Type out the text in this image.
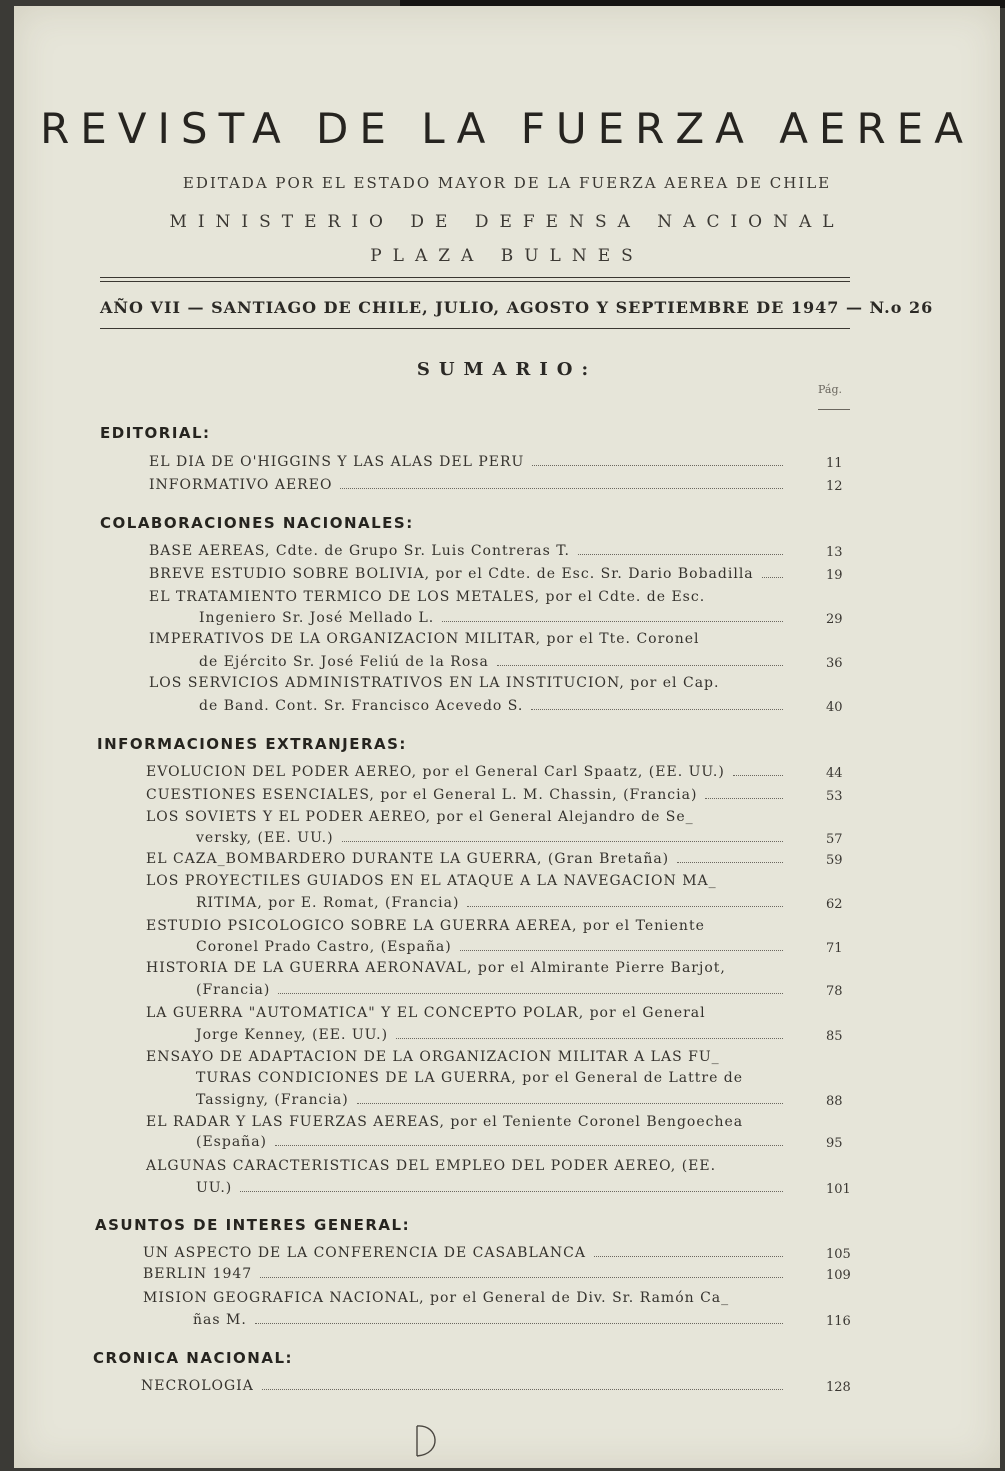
REVISTA DE LA FUERZA AEREA
EDITADA POR EL ESTADO MAYOR DE LA FUERZA AEREA DE CHILE
MINISTERIO DE DEFENSA NACIONAL
PLAZA BULNES
AÑO VII — SANTIAGO DE CHILE, JULIO, AGOSTO Y SEPTIEMBRE DE 1947 — N.o 26
SUMARIO:
Pág.
EDITORIAL:
EL DIA DE O'HIGGINS Y LAS ALAS DEL PERU	11
INFORMATIVO AEREO	12
COLABORACIONES NACIONALES:
BASE AEREAS, Cdte. de Grupo Sr. Luis Contreras T.	13
BREVE ESTUDIO SOBRE BOLIVIA, por el Cdte. de Esc. Sr. Dario Bobadilla	19
EL TRATAMIENTO TERMICO DE LOS METALES, por el Cdte. de Esc.
Ingeniero Sr. José Mellado L.	29
IMPERATIVOS DE LA ORGANIZACION MILITAR, por el Tte. Coronel
de Ejército Sr. José Feliú de la Rosa	36
LOS SERVICIOS ADMINISTRATIVOS EN LA INSTITUCION, por el Cap.
de Band. Cont. Sr. Francisco Acevedo S.	40
INFORMACIONES EXTRANJERAS:
EVOLUCION DEL PODER AEREO, por el General Carl Spaatz, (EE. UU.)	44
CUESTIONES ESENCIALES, por el General L. M. Chassin, (Francia)	53
LOS SOVIETS Y EL PODER AEREO, por el General Alejandro de Se_
versky, (EE. UU.)	57
EL CAZA_BOMBARDERO DURANTE LA GUERRA, (Gran Bretaña)	59
LOS PROYECTILES GUIADOS EN EL ATAQUE A LA NAVEGACION MA_
RITIMA, por E. Romat, (Francia)	62
ESTUDIO PSICOLOGICO SOBRE LA GUERRA AEREA, por el Teniente
Coronel Prado Castro, (España)	71
HISTORIA DE LA GUERRA AERONAVAL, por el Almirante Pierre Barjot,
(Francia)	78
LA GUERRA "AUTOMATICA" Y EL CONCEPTO POLAR, por el General
Jorge Kenney, (EE. UU.)	85
ENSAYO DE ADAPTACION DE LA ORGANIZACION MILITAR A LAS FU_
TURAS CONDICIONES DE LA GUERRA, por el General de Lattre de
Tassigny, (Francia)	88
EL RADAR Y LAS FUERZAS AEREAS, por el Teniente Coronel Bengoechea
(España)	95
ALGUNAS CARACTERISTICAS DEL EMPLEO DEL PODER AEREO, (EE.
UU.)	101
ASUNTOS DE INTERES GENERAL:
UN ASPECTO DE LA CONFERENCIA DE CASABLANCA	105
BERLIN 1947	109
MISION GEOGRAFICA NACIONAL, por el General de Div. Sr. Ramón Ca_
ñas M.	116
CRONICA NACIONAL:
NECROLOGIA	128
